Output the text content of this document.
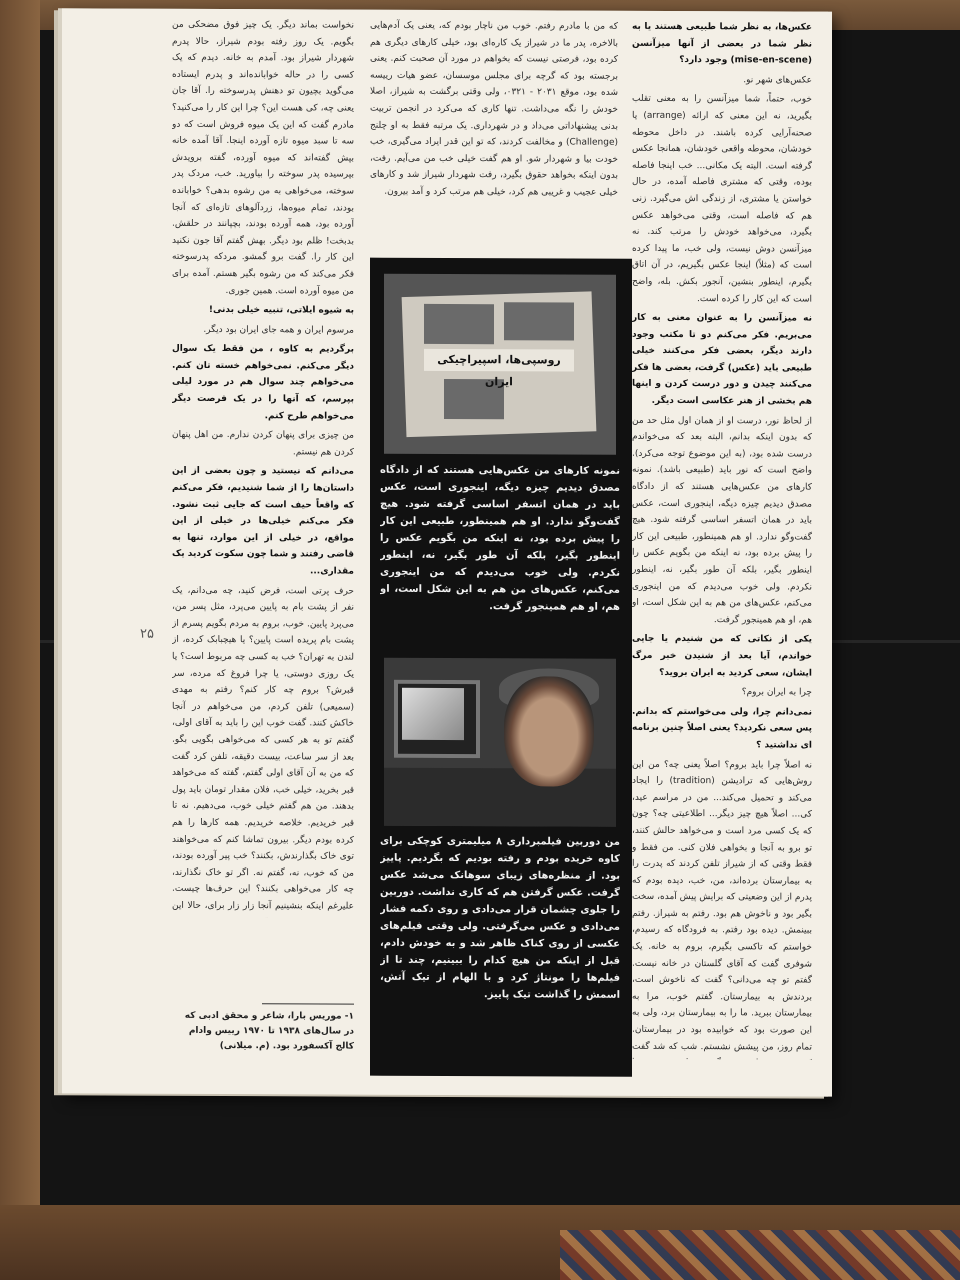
عکس‌ها، به نظر شما طبیعی هستند یا به نظر شما در بعضی از آنها میزآنسن (mise-en-scene) وجود دارد؟

عکس‌های شهر نو.

خوب، حتماً، شما میزآنسن را به معنی تقلب بگیرید، نه این معنی که ارائه (arrange) یا صحنه‌آرایی کرده باشند. در داخل محوطه خودشان، محوطه واقعی خودشان، همانجا عکس گرفته است. البته یک مکانی... خب اینجا فاصله بوده، وقتی که مشتری فاصله آمده، در حال خواستن یا مشتری، از زندگی اش می‌گیرد. زنی هم که فاصله است، وقتی می‌خواهد عکس بگیرد، می‌خواهد خودش را مرتب کند. نه میزآنسن دوش نیست، ولی خب، ما پیدا کرده است که (مثلاً) اینجا عکس بگیریم، در آن اتاق بگیرم، اینطور بنشین، آنجور بکش. بله، واضح است که این کار را کرده است.

نه میزآنسن را به عنوان معنی به کار می‌بریم. فکر می‌کنم دو تا مکتب وجود دارند دیگر، بعضی فکر می‌کنند خیلی طبیعی باید (عکس) گرفت، بعضی ها فکر می‌کنند چیدن و دور درست کردن و اینها هم بخشی از هنر عکاسی است دیگر.

از لحاظ نور، درست او از همان اول مثل حد من که بدون اینکه بدانم، البته بعد که می‌خواندم درست شده بود، (به این موضوع توجه می‌کرد). واضح است که نور باید (طبیعی باشد). نمونه کارهای من عکس‌هایی هستند که از دادگاه مصدق دیدیم چیزه دیگه، اینجوری است، عکس باید در همان اتسفر اساسی گرفته شود. هیچ گفت‌وگو ندارد. او هم همینطور، طبیعی این کار را پیش برده بود، نه اینکه من بگویم عکس را اینطور بگیر، بلکه آن طور بگیر، نه، اینطور نکردم. ولی خوب می‌دیدم که من اینجوری می‌کنم، عکس‌های من هم به این شکل است، او هم، او هم همینجور گرفت.

یکی از نکاتی که من شنیدم یا جایی خواندم، آیا بعد از شنیدن خبر مرگ ایشان، سعی کردید به ایران بروید؟

چرا به ایران بروم؟

نمی‌دانم چرا، ولی می‌خواستم که بدانم. پس سعی نکردید؟ یعنی اصلاً چنین برنامه ای نداشتید ؟

نه اصلاً چرا باید بروم؟ اصلاً یعنی چه؟ من این روش‌هایی که ترادیشن (tradition) را ایجاد می‌کند و تحمیل می‌کند... من در مراسم عید، کی... اصلاً هیچ چیز دیگر... اطلاعیتی چه؟ چون که یک کسی مرد است و می‌خواهد حالش کنند، تو برو به آنجا و بخواهی فلان کنی. من فقط و فقط وقتی که از شیراز تلفن کردند که پدرت را به بیمارستان برده‌اند، من، خب، دیده بودم که پدرم از این وضعیتی که برایش پیش آمده، سخت بگیر بود و ناخوش هم بود. رفتم به شیراز. رفتم ببینمش. دیده بود رفتم. به فرودگاه که رسیدم، خواستم که تاکسی بگیرم، بروم به خانه. یک شوفری گفت که آقای گلستان در خانه نیست. گفتم تو چه می‌دانی؟ گفت که ناخوش است، بردندش به بیمارستان. گفتم خوب، مرا به بیمارستان ببرید. ما را به بیمارستان برد، ولی به این صورت بود که خوابیده بود در بیمارستان. تمام روز، من پیشش نشستم. شب که شد گفت

که من با مادرم رفتم. خوب من ناچار بودم که، یعنی یک آدم‌هایی بالاخره، پدر ما در شیراز یک کاره‌ای بود، خیلی کارهای دیگری هم کرده بود، فرصتی نیست که بخواهم در مورد آن صحبت کنم. یعنی برجسته بود که گرچه برای مجلس موسسان، عضو هیات رییسه شده بود، موقع ۲۰۳۱ - ۰۳۲۱، ولی وقتی برگشت به شیراز، اصلا خودش را نگه می‌داشت. تنها کاری که می‌کرد در انجمن تربیت بدنی پیشنهاداتی می‌داد و در شهرداری. یک مرتبه فقط به او چلنج (Challenge) و مخالفت کردند، که تو این قدر ایراد می‌گیری، خب خودت بیا و شهردار شو. او هم گفت خیلی خب من می‌آیم. رفت، بدون اینکه بخواهد حقوق بگیرد، رفت شهردار شیراز شد و کارهای خیلی عجیب و غریبی هم کرد، خیلی هم مرتب کرد و آمد بیرون.

روسپی‌ها، اسپیراچیکی ایران
نمونه کارهای من عکس‌هایی هستند که از دادگاه مصدق دیدیم چیزه دیگه، اینجوری است، عکس باید در همان اتسفر اساسی گرفته شود. هیچ گفت‌وگو ندارد. او هم همینطور، طبیعی این کار را پیش برده بود، نه اینکه من بگویم عکس را اینطور بگیر، بلکه آن طور بگیر، نه، اینطور نکردم. ولی خوب می‌دیدم که من اینجوری می‌کنم، عکس‌های من هم به این شکل است، او هم، او هم همینجور گرفت.
من دوربین فیلمبرداری ۸ میلیمتری کوچکی برای کاوه خریده بودم و رفته بودیم که بگردیم. پاییز بود. از منظره‌های زیبای سوهانک می‌شد عکس گرفت. عکس گرفتن هم که کاری نداشت. دوربین را جلوی چشمان قرار می‌دادی و روی دکمه فشار می‌دادی و عکس می‌گرفتی. ولی وقتی فیلم‌های عکسی از روی کناک ظاهر شد و به خودش دادم، قبل از اینکه من هیچ کدام را ببینیم، چند تا از فیلم‌ها را مونتاژ کرد و با الهام از تیک آتش، اسمش را گذاشت تیک پاییز.

نخواست بماند دیگر. یک چیز فوق مضحکی من بگویم. یک روز رفته بودم شیراز، حالا پدرم شهردار شیراز بود. آمدم به خانه. دیدم که یک کسی را در حاله خوابانده‌اند و پدرم ایستاده می‌گوید بچیون تو دهنش پدرسوخته را. آقا جان یعنی چه، کی هست این؟ چرا این کار را می‌کنید؟ مادرم گفت که این یک میوه فروش است که دو سه تا سبد میوه تازه آورده اینجا. آقا آمده خانه بپش گفته‌اند که میوه آورده، گفته برویدش بپرسیده پدر سوخته را بیاورید. خب، مردک پدر سوخته، می‌خواهی به من رشوه بدهی؟ خوابانده بودند، تمام میوه‌ها، زردآلوهای تازه‌ای که آنجا آورده بود، همه آورده بودند، بچپانند در حلقش. بدبخت! ظلم بود دیگر. بهش گفتم آقا جون نکنید این کار را. گفت برو گمشو. مردکه پدرسوخته فکر می‌کند که من رشوه بگیر هستم. آمده برای من میوه آورده است. همین جوری.

به شیوه ایلاتی، تنبیه خیلی بدنی!

مرسوم ایران و همه جای ایران بود دیگر.

برگردیم به کاوه ، من فقط یک سوال دیگر می‌کنم. نمی‌خواهم خسته تان کنم. می‌خواهم چند سوال هم در مورد لیلی بپرسم، که آنها را در یک فرصت دیگر می‌خواهم طرح کنم.

من چیزی برای پنهان کردن ندارم. من اهل پنهان کردن هم نیستم.

می‌دانم که نیستید و چون بعضی از این داستان‌ها را از شما شنیدیم، فکر می‌کنم که واقعاً حیف است که جایی ثبت نشود. فکر می‌کنم خیلی‌ها در خیلی از این مواقع، در خیلی از این موارد، تنها به قاضی رفتند و شما چون سکوت کردید یک مقداری...

حرف پرتی است، فرض کنید، چه می‌دانم، یک نفر از پشت بام به پایین می‌پرد، مثل پسر من، می‌پرد پایین. خوب، بروم به مردم بگویم پسرم از پشت بام پریده است پایین؟ یا هیچبابک کرده، از لندن به تهران؟ خب به کسی چه مربوط است؟ یا یک روزی دوستی، یا چرا فروغ که مرده، سر قبرش؟ بروم چه کار کنم؟ رفتم به مهدی (سمیعی) تلفن کردم، من می‌خواهم در آنجا خاکش کنند. گفت خوب این را باید به آقای اولی، گفتم تو به هر کسی که می‌خواهی بگویی بگو. بعد از سر ساعت، بیست دقیقه، تلفن کرد گفت که من به آن آقای اولی گفتم، گفته که می‌خواهد قبر بخرید، خیلی خب، فلان مقدار تومان باید پول بدهند. من هم گفتم خیلی خوب، می‌دهیم. نه تا قبر خریدیم. خلاصه خریدیم. همه کارها را هم کرده بودم دیگر. بیرون تماشا کنم که می‌خواهند توی خاک بگذارندش، بکنند؟ خب پیر آورده بودند، من که خوب، نه، گفتم نه. اگر تو خاک نگذارند، چه کار می‌خواهی بکنند؟ این حرف‌ها چیست. علیرغم اینکه بنشینیم آنجا زار زار برای، حالا این

۲۵
۱- موریس بارا، شاعر و محقق ادبی که در سال‌های ۱۹۳۸ تا ۱۹۷۰ رییس وادام کالج آکسفورد بود. (م. میلانی)
